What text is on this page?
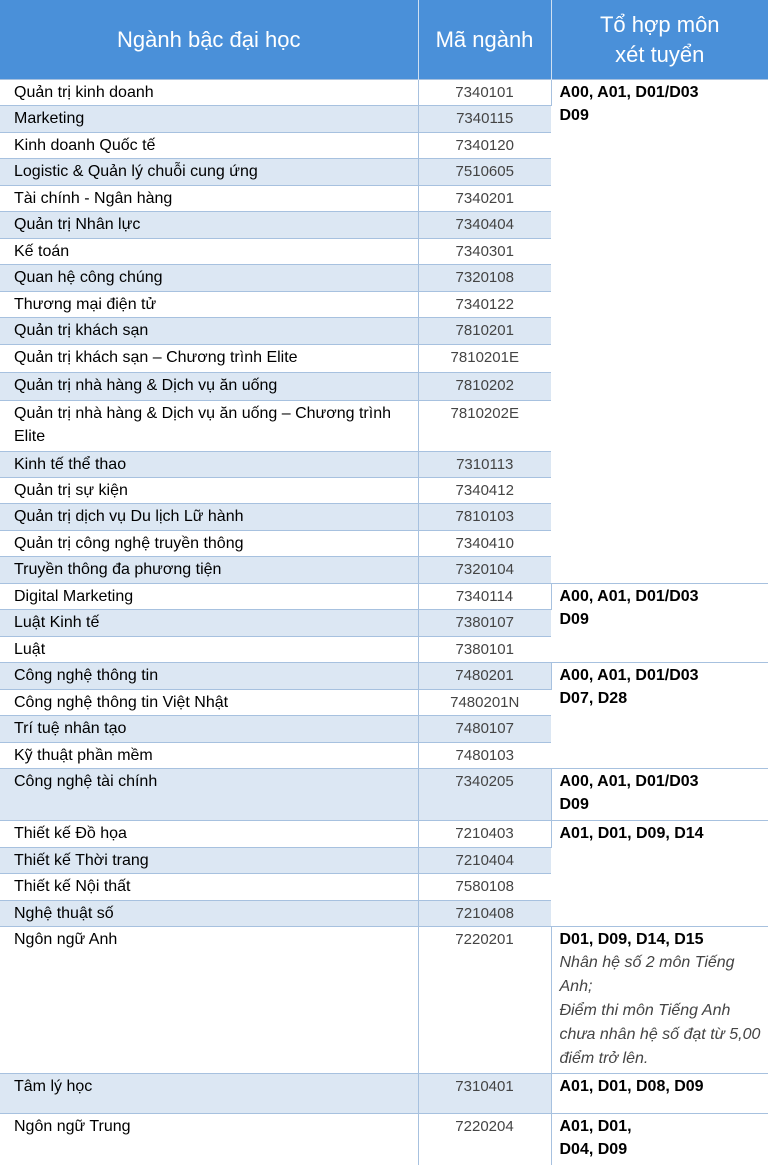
Ngành bậc đại học	Mã ngành	Tổ hợp môn
xét tuyển

Quản trị kinh doanh	7340101	A00, A01, D01/D03
D09

Marketing	7340115	
Kinh doanh Quốc tế	7340120	
Logistic & Quản lý chuỗi cung ứng	7510605	
Tài chính - Ngân hàng	7340201	
Quản trị Nhân lực	7340404	
Kế toán	7340301	
Quan hệ công chúng	7320108	
Thương mại điện tử	7340122	
Quản trị khách sạn	7810201	
Quản trị khách sạn – Chương trình Elite	7810201E	
Quản trị nhà hàng & Dịch vụ ăn uống	7810202	
Quản trị nhà hàng & Dịch vụ ăn uống – Chương trình Elite	7810202E	
Kinh tế thể thao	7310113	
Quản trị sự kiện	7340412	
Quản trị dịch vụ Du lịch Lữ hành	7810103	
Quản trị công nghệ truyền thông	7340410	
Truyền thông đa phương tiện	7320104	
Digital Marketing	7340114	A00, A01, D01/D03
D09

Luật Kinh tế	7380107	
Luật	7380101	
Công nghệ thông tin	7480201	A00, A01, D01/D03
D07, D28

Công nghệ thông tin Việt Nhật	7480201N	
Trí tuệ nhân tạo	7480107	
Kỹ thuật phần mềm	7480103	
Công nghệ tài chính	7340205	A00, A01, D01/D03
D09

Thiết kế Đồ họa	7210403	A01, D01, D09, D14

Thiết kế Thời trang	7210404	
Thiết kế Nội thất	7580108	
Nghệ thuật số	7210408	
Ngôn ngữ Anh	7220201	D01, D09, D14, D15
Nhân hệ số 2 môn Tiếng Anh;
Điểm thi môn Tiếng Anh chưa nhân hệ số đạt từ 5,00 điểm trở lên.

Tâm lý học	7310401	A01, D01, D08, D09

Ngôn ngữ Trung	7220204	A01, D01,
D04, D09
